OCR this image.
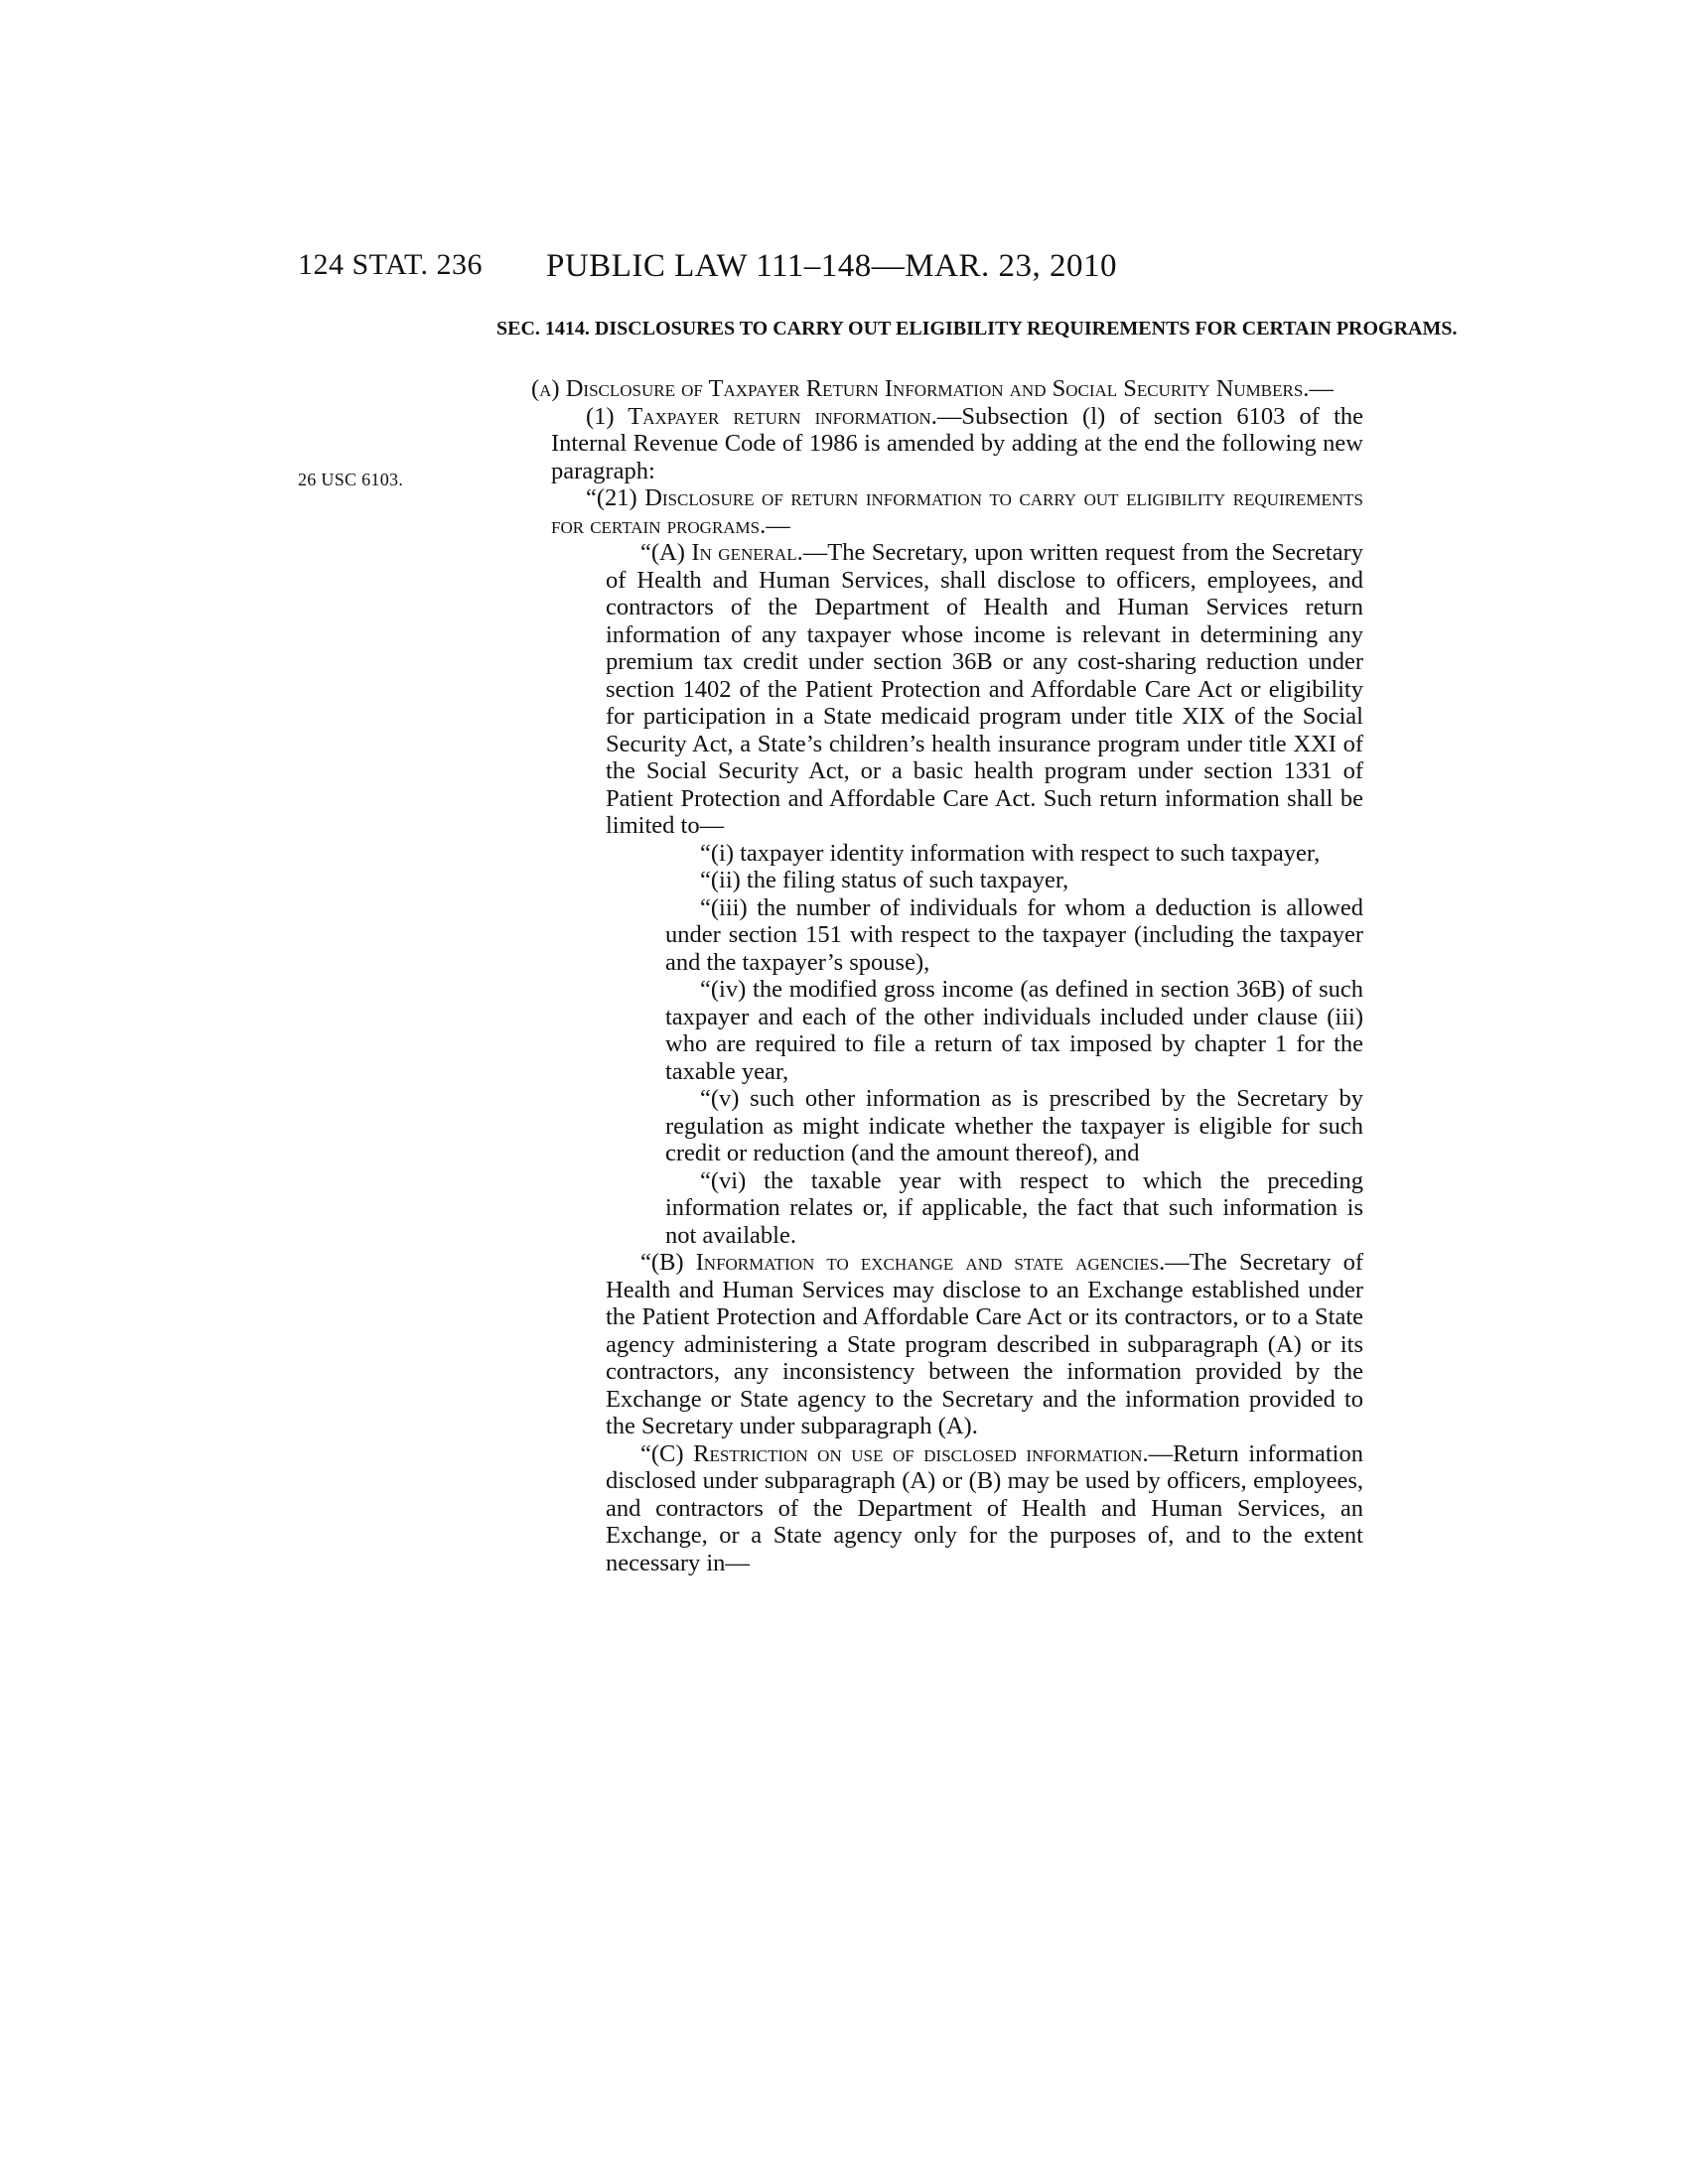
124 STAT. 236	PUBLIC LAW 111–148—MAR. 23, 2010
26 USC 6103.
SEC. 1414. DISCLOSURES TO CARRY OUT ELIGIBILITY REQUIREMENTS FOR CERTAIN PROGRAMS.

(a) Disclosure of Taxpayer Return Information and Social Security Numbers.—

(1) Taxpayer return information.—Subsection (l) of section 6103 of the Internal Revenue Code of 1986 is amended by adding at the end the following new paragraph:

“(21) Disclosure of return information to carry out eligibility requirements for certain programs.—

“(A) In general.—The Secretary, upon written request from the Secretary of Health and Human Services, shall disclose to officers, employees, and contractors of the Department of Health and Human Services return information of any taxpayer whose income is relevant in determining any premium tax credit under section 36B or any cost-sharing reduction under section 1402 of the Patient Protection and Affordable Care Act or eligibility for participation in a State medicaid program under title XIX of the Social Security Act, a State’s children’s health insurance program under title XXI of the Social Security Act, or a basic health program under section 1331 of Patient Protection and Affordable Care Act. Such return information shall be limited to—

“(i) taxpayer identity information with respect to such taxpayer,

“(ii) the filing status of such taxpayer,

“(iii) the number of individuals for whom a deduction is allowed under section 151 with respect to the taxpayer (including the taxpayer and the taxpayer’s spouse),

“(iv) the modified gross income (as defined in section 36B) of such taxpayer and each of the other individuals included under clause (iii) who are required to file a return of tax imposed by chapter 1 for the taxable year,

“(v) such other information as is prescribed by the Secretary by regulation as might indicate whether the taxpayer is eligible for such credit or reduction (and the amount thereof), and

“(vi) the taxable year with respect to which the preceding information relates or, if applicable, the fact that such information is not available.

“(B) Information to exchange and state agencies.—The Secretary of Health and Human Services may disclose to an Exchange established under the Patient Protection and Affordable Care Act or its contractors, or to a State agency administering a State program described in subparagraph (A) or its contractors, any inconsistency between the information provided by the Exchange or State agency to the Secretary and the information provided to the Secretary under subparagraph (A).

“(C) Restriction on use of disclosed information.—Return information disclosed under subparagraph (A) or (B) may be used by officers, employees, and contractors of the Department of Health and Human Services, an Exchange, or a State agency only for the purposes of, and to the extent necessary in—
